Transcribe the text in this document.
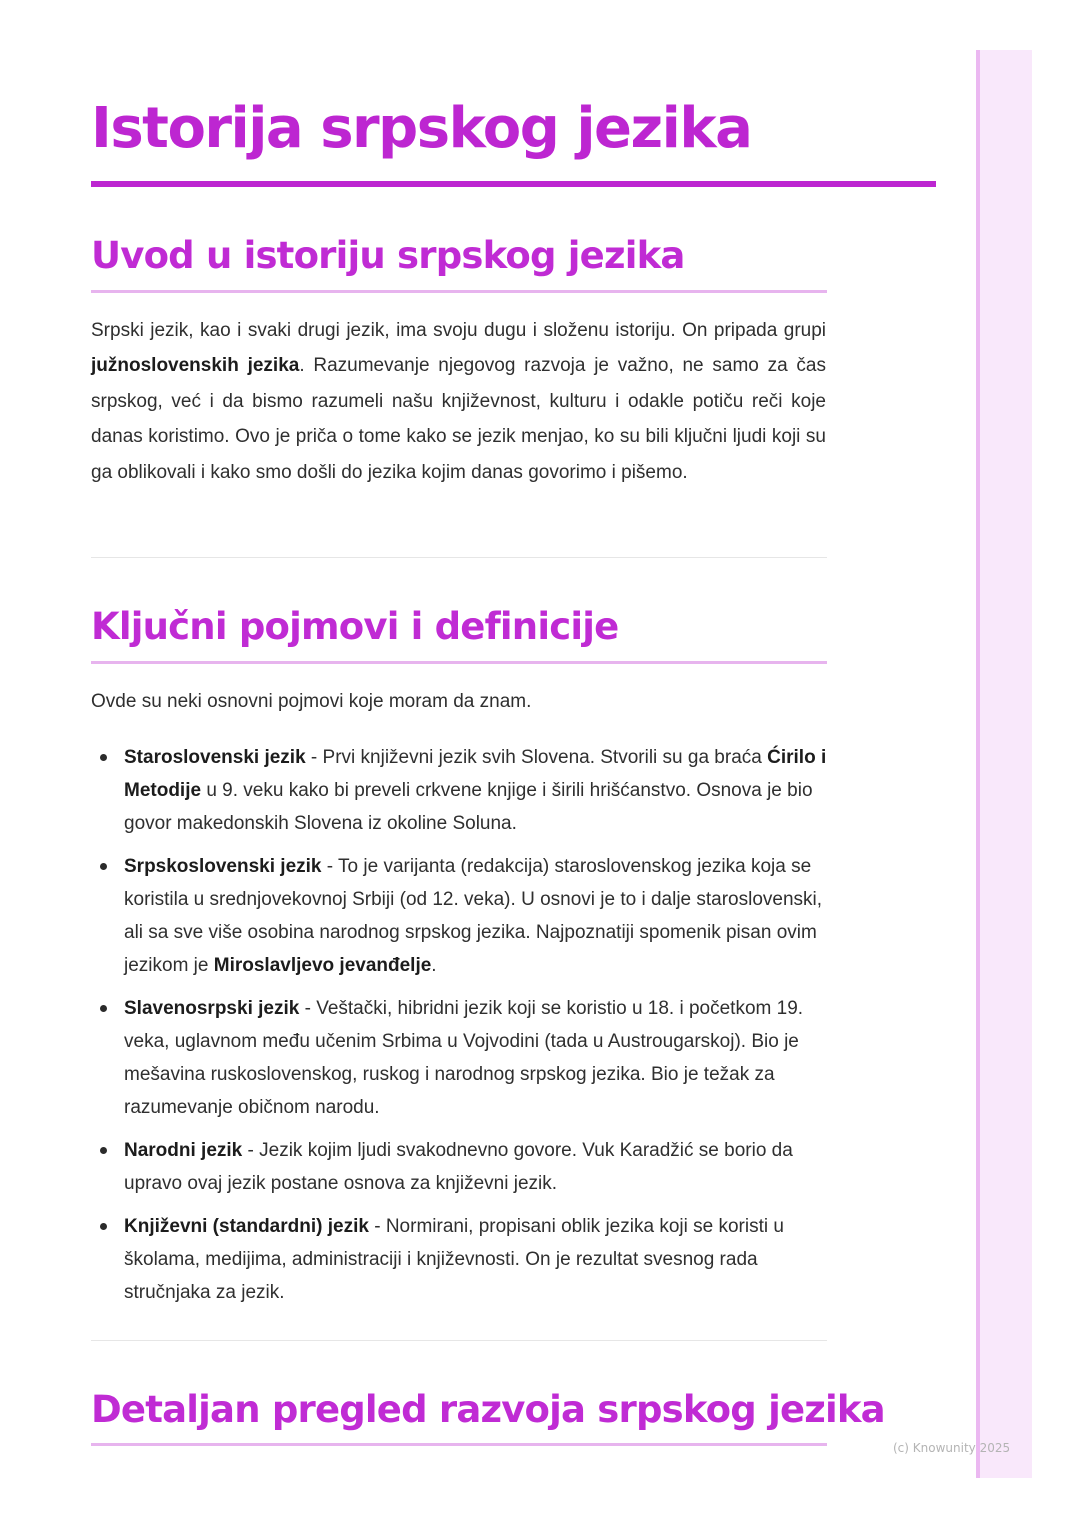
(c) Knowunity 2025
Istorija srpskog jezika
Uvod u istoriju srpskog jezika

Srpski jezik, kao i svaki drugi jezik, ima svoju dugu i složenu istoriju. On pripada grupi južnoslovenskih jezika. Razumevanje njegovog razvoja je važno, ne samo za čas srpskog, već i da bismo razumeli našu književnost, kulturu i odakle potiču reči koje danas koristimo. Ovo je priča o tome kako se jezik menjao, ko su bili ključni ljudi koji su ga oblikovali i kako smo došli do jezika kojim danas govorimo i pišemo.

Ključni pojmovi i definicije

Ovde su neki osnovni pojmovi koje moram da znam.

Staroslovenski jezik - Prvi književni jezik svih Slovena. Stvorili su ga braća Ćirilo i Metodije u 9. veku kako bi preveli crkvene knjige i širili hrišćanstvo. Osnova je bio govor makedonskih Slovena iz okoline Soluna.
Srpskoslovenski jezik - To je varijanta (redakcija) staroslovenskog jezika koja se koristila u srednjovekovnoj Srbiji (od 12. veka). U osnovi je to i dalje staroslovenski, ali sa sve više osobina narodnog srpskog jezika. Najpoznatiji spomenik pisan ovim jezikom je Miroslavljevo jevanđelje.
Slavenosrpski jezik - Veštački, hibridni jezik koji se koristio u 18. i početkom 19. veka, uglavnom među učenim Srbima u Vojvodini (tada u Austrougarskoj). Bio je mešavina ruskoslovenskog, ruskog i narodnog srpskog jezika. Bio je težak za razumevanje običnom narodu.
Narodni jezik - Jezik kojim ljudi svakodnevno govore. Vuk Karadžić se borio da upravo ovaj jezik postane osnova za književni jezik.
Književni (standardni) jezik - Normirani, propisani oblik jezika koji se koristi u školama, medijima, administraciji i književnosti. On je rezultat svesnog rada stručnjaka za jezik.
Detaljan pregled razvoja srpskog jezika
